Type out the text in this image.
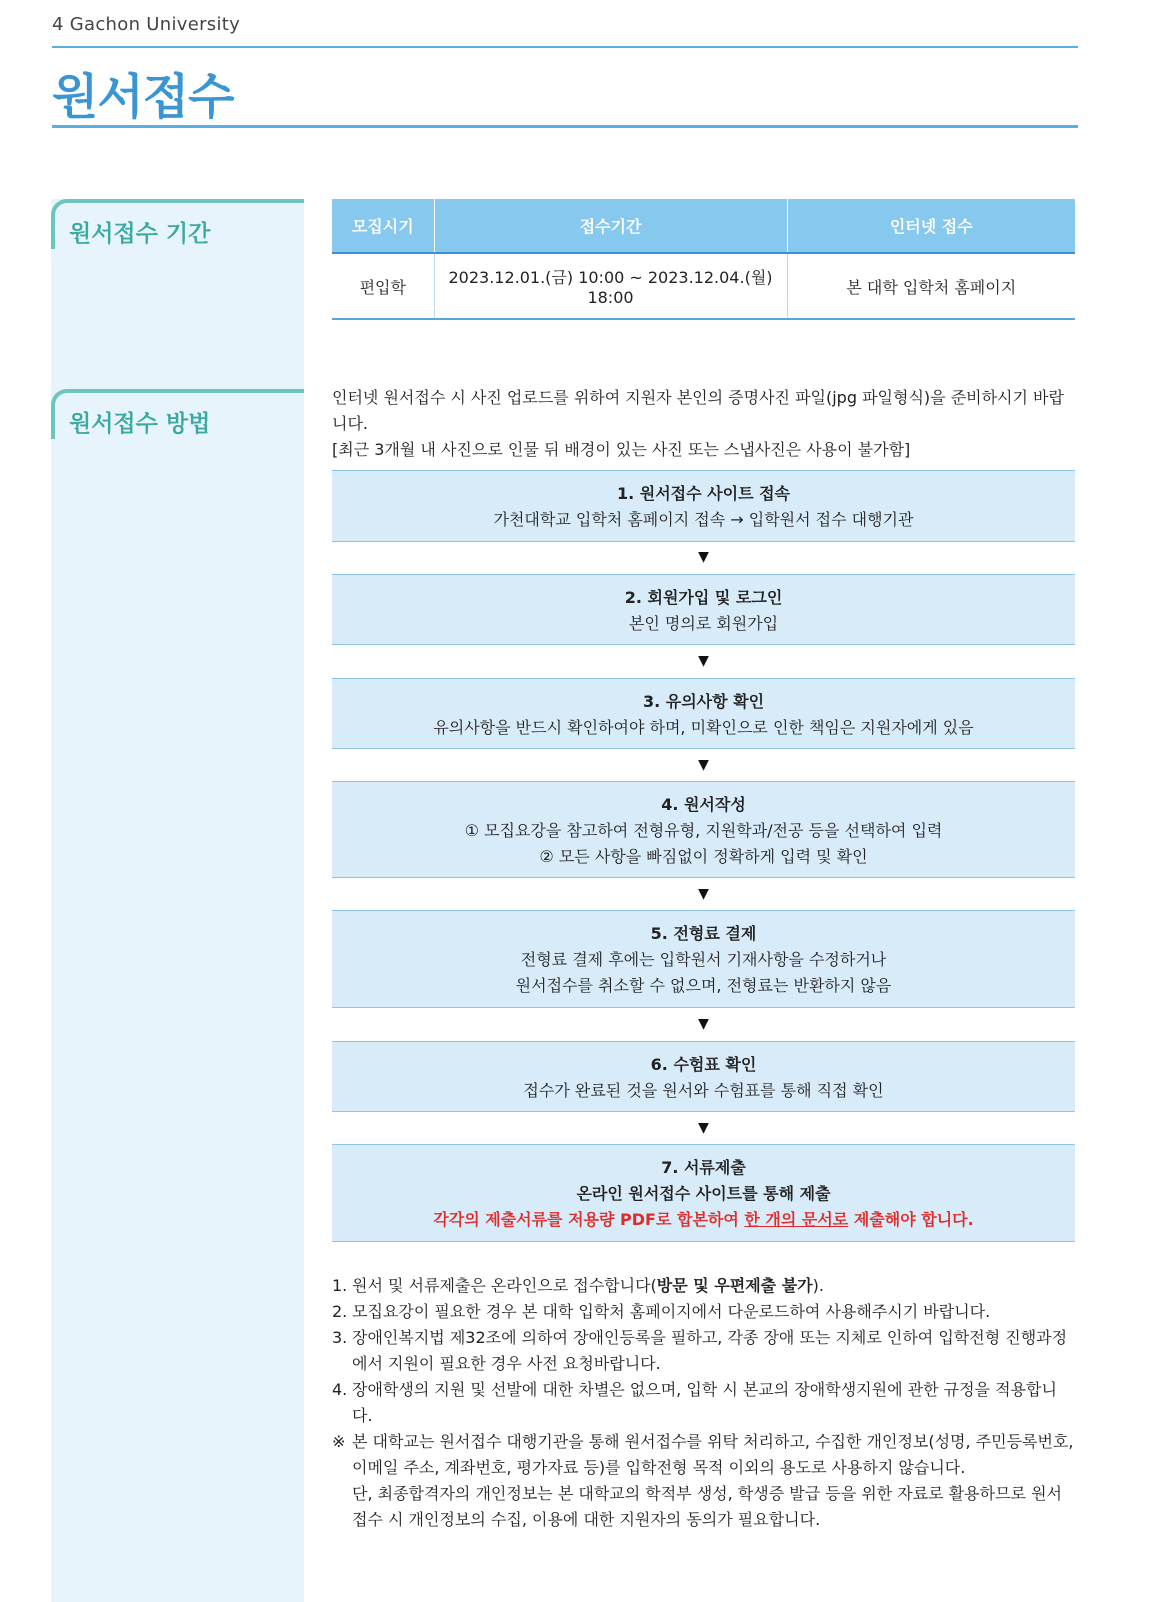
4 Gachon University
원서접수
원서접수 기간
원서접수 방법
모집시기	접수기간	인터넷 접수
편입학	2023.12.01.(금) 10:00 ~ 2023.12.04.(월) 18:00	본 대학 입학처 홈페이지

인터넷 원서접수 시 사진 업로드를 위하여 지원자 본인의 증명사진 파일(jpg 파일형식)을 준비하시기 바랍니다.

[최근 3개월 내 사진으로 인물 뒤 배경이 있는 사진 또는 스냅사진은 사용이 불가함]

1. 원서접수 사이트 접속

가천대학교 입학처 홈페이지 접속 → 입학원서 접수 대행기관

▼

2. 회원가입 및 로그인

본인 명의로 회원가입

▼

3. 유의사항 확인

유의사항을 반드시 확인하여야 하며, 미확인으로 인한 책임은 지원자에게 있음

▼

4. 원서작성

① 모집요강을 참고하여 전형유형, 지원학과/전공 등을 선택하여 입력

② 모든 사항을 빠짐없이 정확하게 입력 및 확인

▼

5. 전형료 결제

전형료 결제 후에는 입학원서 기재사항을 수정하거나

원서접수를 취소할 수 없으며, 전형료는 반환하지 않음

▼

6. 수험표 확인

접수가 완료된 것을 원서와 수험표를 통해 직접 확인

▼

7. 서류제출

온라인 원서접수 사이트를 통해 제출

각각의 제출서류를 저용량 PDF로 합본하여 한 개의 문서로 제출해야 합니다.

1. 원서 및 서류제출은 온라인으로 접수합니다(방문 및 우편제출 불가).
2. 모집요강이 필요한 경우 본 대학 입학처 홈페이지에서 다운로드하여 사용해주시기 바랍니다.
3. 장애인복지법 제32조에 의하여 장애인등록을 필하고, 각종 장애 또는 지체로 인하여 입학전형 진행과정에서 지원이 필요한 경우 사전 요청바랍니다.
4. 장애학생의 지원 및 선발에 대한 차별은 없으며, 입학 시 본교의 장애학생지원에 관한 규정을 적용합니다.
※ 본 대학교는 원서접수 대행기관을 통해 원서접수를 위탁 처리하고, 수집한 개인정보(성명, 주민등록번호, 이메일 주소, 계좌번호, 평가자료 등)를 입학전형 목적 이외의 용도로 사용하지 않습니다.
단, 최종합격자의 개인정보는 본 대학교의 학적부 생성, 학생증 발급 등을 위한 자료로 활용하므로 원서접수 시 개인정보의 수집, 이용에 대한 지원자의 동의가 필요합니다.
